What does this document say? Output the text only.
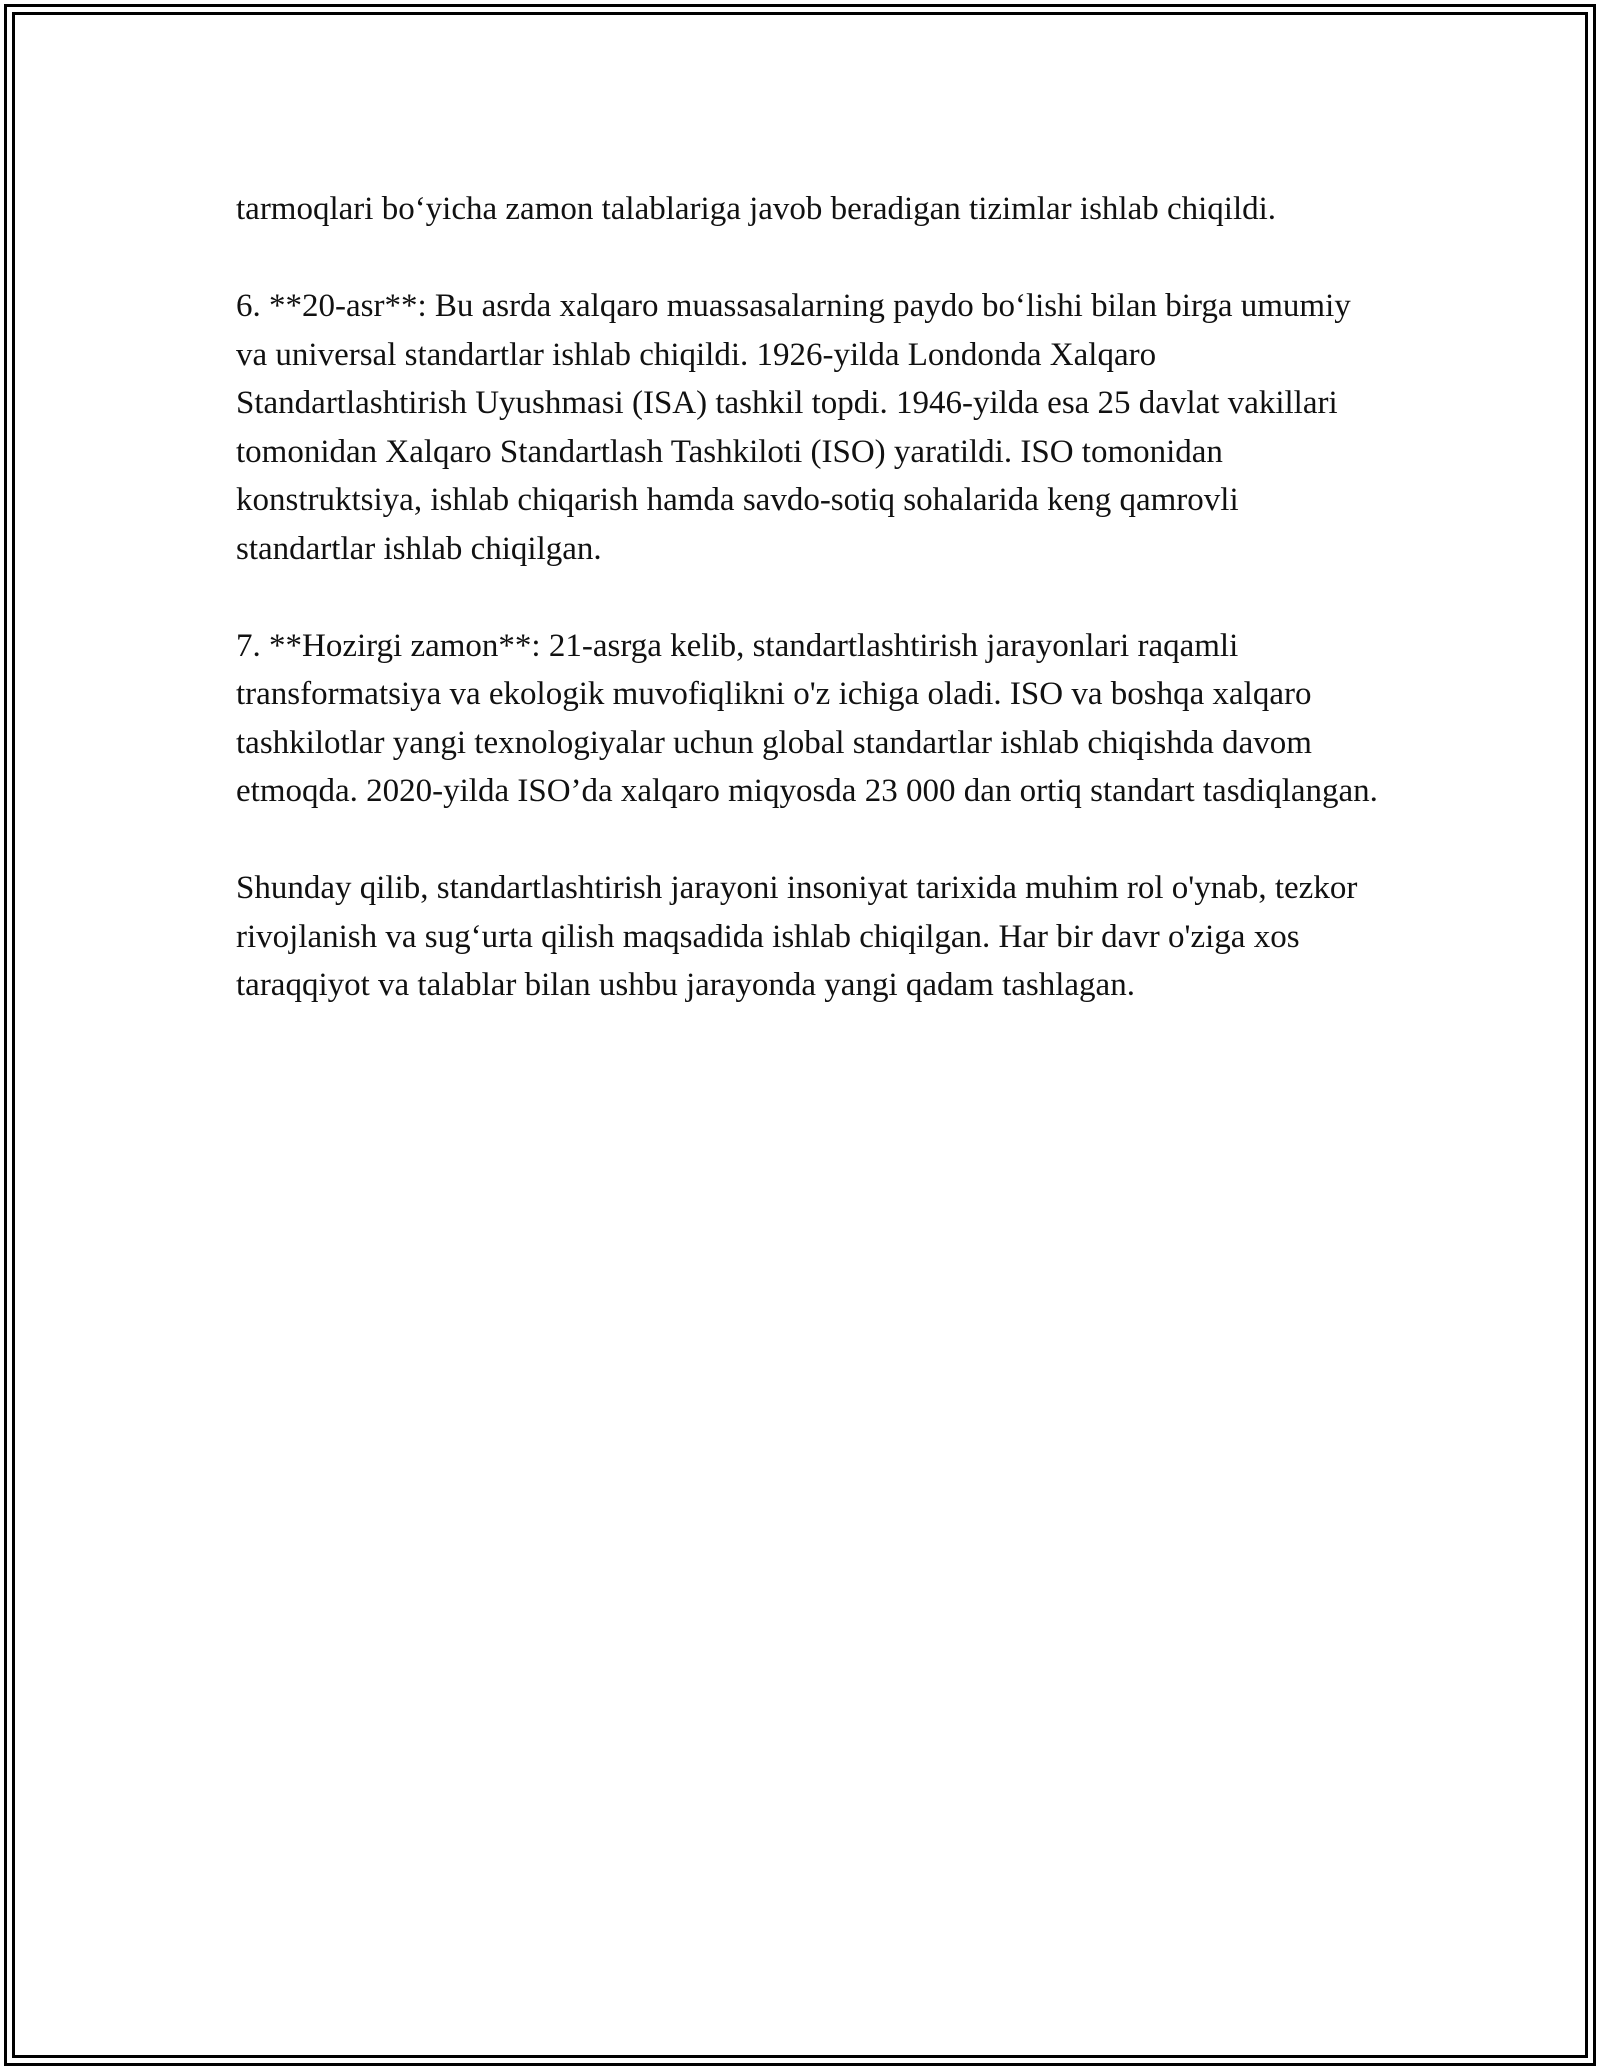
tarmoqlari bo‘yicha zamon talablariga javob beradigan tizimlar ishlab chiqildi.

6. **20-asr**: Bu asrda xalqaro muassasalarning paydo bo‘lishi bilan birga umumiy va universal standartlar ishlab chiqildi. 1926-yilda Londonda Xalqaro Standartlashtirish Uyushmasi (ISA) tashkil topdi. 1946-yilda esa 25 davlat vakillari tomonidan Xalqaro Standartlash Tashkiloti (ISO) yaratildi. ISO tomonidan konstruktsiya, ishlab chiqarish hamda savdo-sotiq sohalarida keng qamrovli standartlar ishlab chiqilgan.

7. **Hozirgi zamon**: 21-asrga kelib, standartlashtirish jarayonlari raqamli transformatsiya va ekologik muvofiqlikni o'z ichiga oladi. ISO va boshqa xalqaro tashkilotlar yangi texnologiyalar uchun global standartlar ishlab chiqishda davom etmoqda. 2020-yilda ISO’da xalqaro miqyosda 23 000 dan ortiq standart tasdiqlangan.

Shunday qilib, standartlashtirish jarayoni insoniyat tarixida muhim rol o'ynab, tezkor rivojlanish va sug‘urta qilish maqsadida ishlab chiqilgan. Har bir davr o'ziga xos taraqqiyot va talablar bilan ushbu jarayonda yangi qadam tashlagan.
